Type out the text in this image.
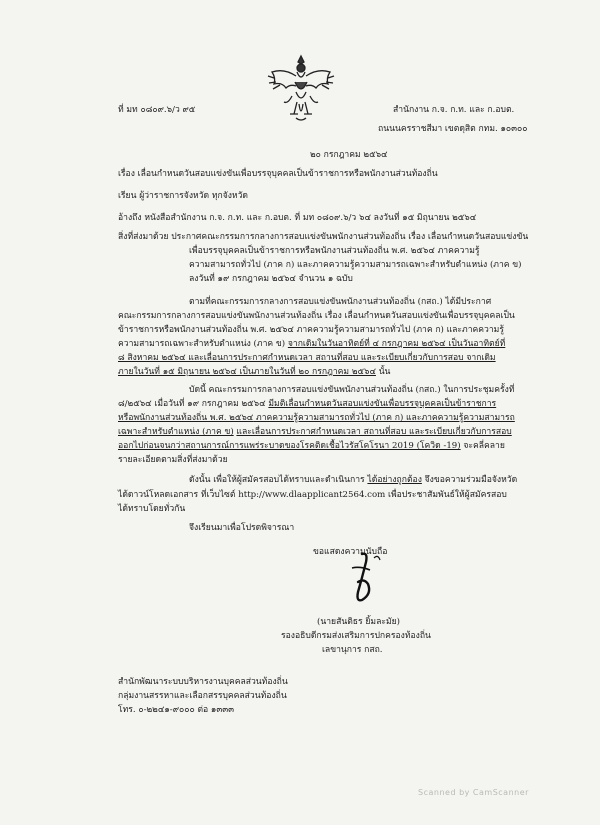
ที่ มท ๐๘๐๙.๖/ว ๙๕	สำนักงาน ก.จ. ก.ท. และ ก.อบต.
ถนนนครราชสีมา เขตดุสิต กทม. ๑๐๓๐๐
๒๐ กรกฎาคม ๒๕๖๔
เรื่อง เลื่อนกำหนดวันสอบแข่งขันเพื่อบรรจุบุคคลเป็นข้าราชการหรือพนักงานส่วนท้องถิ่น
เรียน ผู้ว่าราชการจังหวัด ทุกจังหวัด
อ้างถึง หนังสือสำนักงาน ก.จ. ก.ท. และ ก.อบต. ที่ มท ๐๘๐๙.๖/ว ๖๔ ลงวันที่ ๑๕ มิถุนายน ๒๕๖๔
สิ่งที่ส่งมาด้วย ประกาศคณะกรรมการกลางการสอบแข่งขันพนักงานส่วนท้องถิ่น เรื่อง เลื่อนกำหนดวันสอบแข่งขัน
เพื่อบรรจุบุคคลเป็นข้าราชการหรือพนักงานส่วนท้องถิ่น พ.ศ. ๒๕๖๔ ภาคความรู้
ความสามารถทั่วไป (ภาค ก) และภาคความรู้ความสามารถเฉพาะสำหรับตำแหน่ง (ภาค ข)
ลงวันที่ ๑๙ กรกฎาคม ๒๕๖๔ จำนวน ๑ ฉบับ
ตามที่คณะกรรมการกลางการสอบแข่งขันพนักงานส่วนท้องถิ่น (กสถ.) ได้มีประกาศ
คณะกรรมการกลางการสอบแข่งขันพนักงานส่วนท้องถิ่น เรื่อง เลื่อนกำหนดวันสอบแข่งขันเพื่อบรรจุบุคคลเป็น
ข้าราชการหรือพนักงานส่วนท้องถิ่น พ.ศ. ๒๕๖๔ ภาคความรู้ความสามารถทั่วไป (ภาค ก) และภาคความรู้
ความสามารถเฉพาะสำหรับตำแหน่ง (ภาค ข) จากเดิมในวันอาทิตย์ที่ ๔ กรกฎาคม ๒๕๖๔ เป็นวันอาทิตย์ที่
๘ สิงหาคม ๒๕๖๔ และเลื่อนการประกาศกำหนดเวลา สถานที่สอบ และระเบียบเกี่ยวกับการสอบ จากเดิม
ภายในวันที่ ๑๕ มิถุนายน ๒๕๖๔ เป็นภายในวันที่ ๒๐ กรกฎาคม ๒๕๖๔ นั้น
บัดนี้ คณะกรรมการกลางการสอบแข่งขันพนักงานส่วนท้องถิ่น (กสถ.) ในการประชุมครั้งที่
๘/๒๕๖๔ เมื่อวันที่ ๑๙ กรกฎาคม ๒๕๖๔ มีมติเลื่อนกำหนดวันสอบแข่งขันเพื่อบรรจุบุคคลเป็นข้าราชการ
หรือพนักงานส่วนท้องถิ่น พ.ศ. ๒๕๖๔ ภาคความรู้ความสามารถทั่วไป (ภาค ก) และภาคความรู้ความสามารถ
เฉพาะสำหรับตำแหน่ง (ภาค ข) และเลื่อนการประกาศกำหนดเวลา สถานที่สอบ และระเบียบเกี่ยวกับการสอบ
ออกไปก่อนจนกว่าสถานการณ์การแพร่ระบาดของโรคติดเชื้อไวรัสโคโรนา 2019 (โควิด -19) จะคลี่คลาย
รายละเอียดตามสิ่งที่ส่งมาด้วย
ดังนั้น เพื่อให้ผู้สมัครสอบได้ทราบและดำเนินการ ได้อย่างถูกต้อง จึงขอความร่วมมือจังหวัด
ได้ดาวน์โหลดเอกสาร ที่เว็บไซต์ http://www.dlaapplicant2564.com เพื่อประชาสัมพันธ์ให้ผู้สมัครสอบ
ได้ทราบโดยทั่วกัน
จึงเรียนมาเพื่อโปรดพิจารณา
ขอแสดงความนับถือ
(นายสันติธร ยิ้มละมัย)
รองอธิบดีกรมส่งเสริมการปกครองท้องถิ่น
เลขานุการ กสถ.
สำนักพัฒนาระบบบริหารงานบุคคลส่วนท้องถิ่น
กลุ่มงานสรรหาและเลือกสรรบุคคลส่วนท้องถิ่น
โทร. ๐-๒๒๔๑-๙๐๐๐ ต่อ ๑๓๓๓
Scanned by CamScanner
